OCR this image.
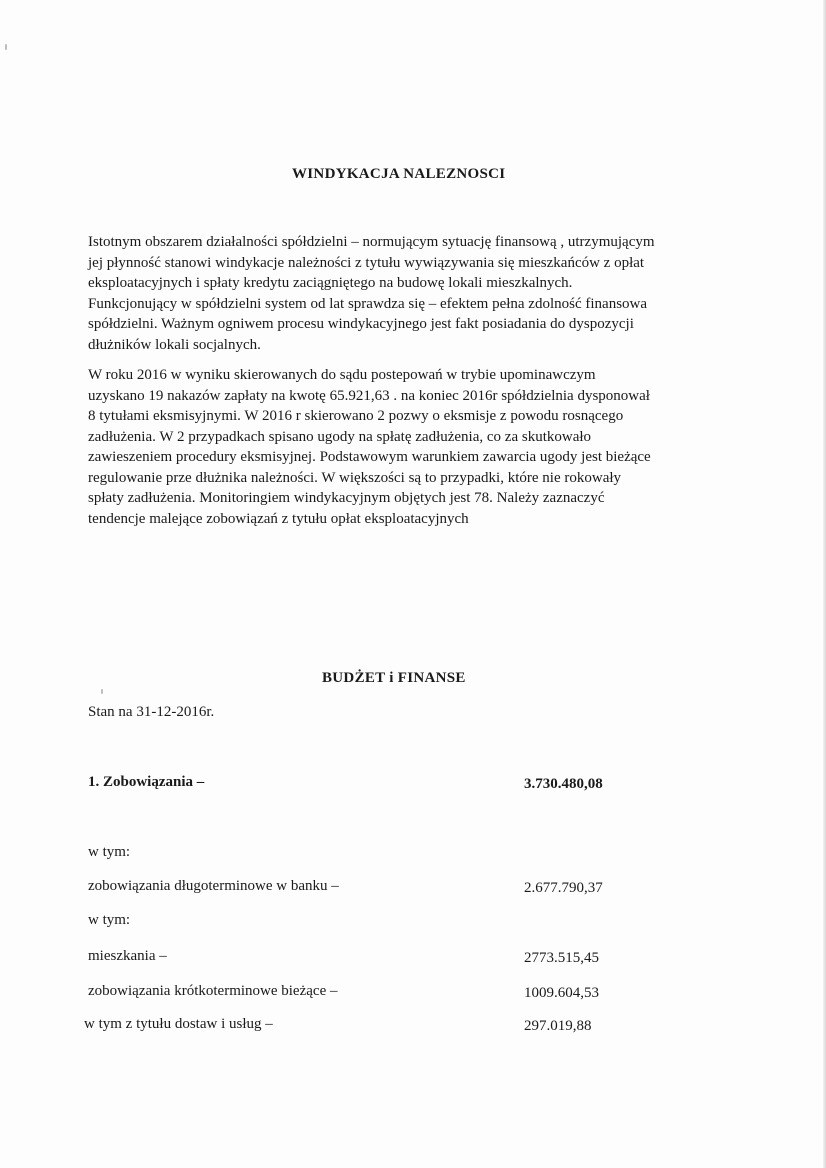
WINDYKACJA NALEZNOSCI
Istotnym obszarem działalności spółdzielni – normującym sytuację finansową , utrzymującym
jej płynność stanowi windykacje należności z tytułu wywiązywania się mieszkańców z opłat
eksploatacyjnych i spłaty kredytu zaciągniętego na budowę lokali mieszkalnych.
Funkcjonujący w spółdzielni system od lat sprawdza się – efektem pełna zdolność finansowa
spółdzielni. Ważnym ogniwem procesu windykacyjnego jest fakt posiadania do dyspozycji
dłużników lokali socjalnych.
W roku 2016 w wyniku skierowanych do sądu postepowań w trybie upominawczym
uzyskano 19 nakazów zapłaty na kwotę 65.921,63 . na koniec 2016r spółdzielnia dysponował
8 tytułami eksmisyjnymi. W 2016 r skierowano 2 pozwy o eksmisje z powodu rosnącego
zadłużenia. W 2 przypadkach spisano ugody na spłatę zadłużenia, co za skutkowało
zawieszeniem procedury eksmisyjnej. Podstawowym warunkiem zawarcia ugody jest bieżące
regulowanie prze dłużnika należności. W większości są to przypadki, które nie rokowały
spłaty zadłużenia. Monitoringiem windykacyjnym objętych jest 78. Należy zaznaczyć
tendencje malejące zobowiązań z tytułu opłat eksploatacyjnych
BUDŻET i FINANSE
Stan na 31-12-2016r.
1. Zobowiązania –	3.730.480,08
w tym:
zobowiązania długoterminowe w banku –	2.677.790,37
w tym:
mieszkania –	2773.515,45
zobowiązania krótkoterminowe bieżące –	1009.604,53
w tym z tytułu dostaw i usług –	297.019,88
